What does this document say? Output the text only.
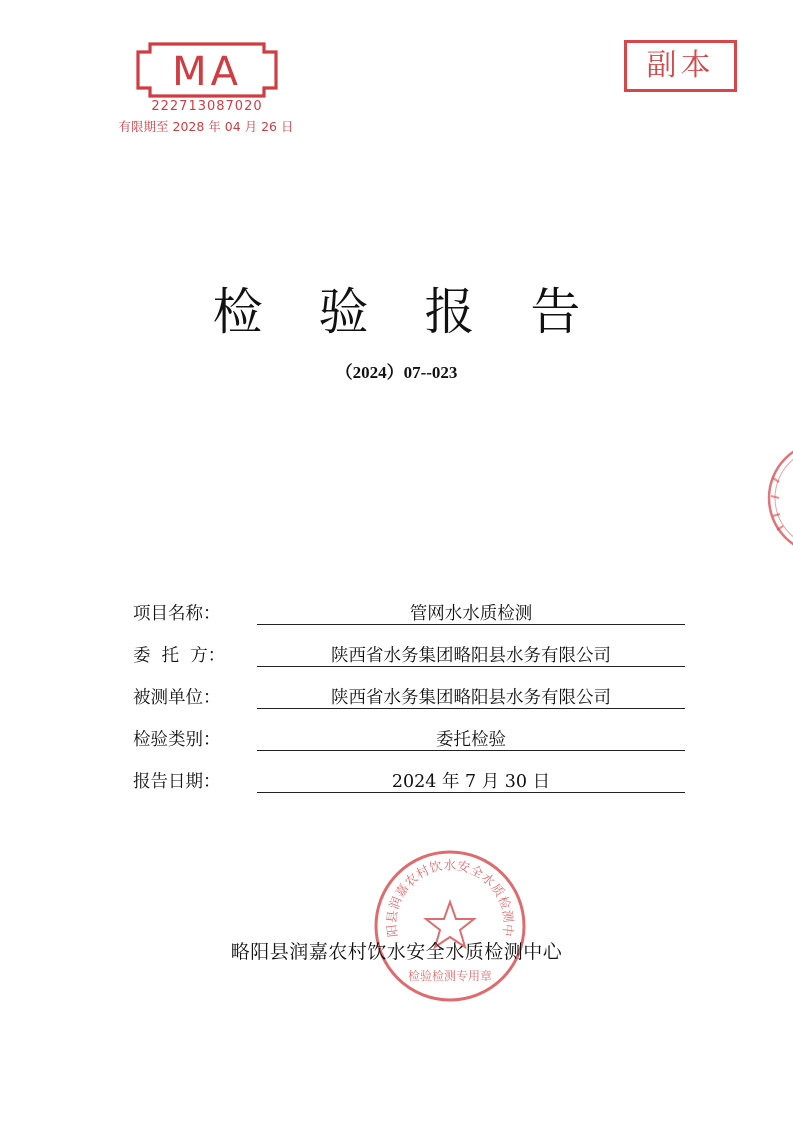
MA
222713087020
有限期至 2028 年 04 月 26 日
副本
检 验 报 告
（2024）07--023
项目名称：	管网水水质检测
委  托  方：	陕西省水务集团略阳县水务有限公司
被测单位：	陕西省水务集团略阳县水务有限公司
检验类别：	委托检验
报告日期：	2024 年 7 月 30 日
阳县润嘉农村饮水安全水质检测中
检验检测专用章
略阳县润嘉农村饮水安全水质检测中心
